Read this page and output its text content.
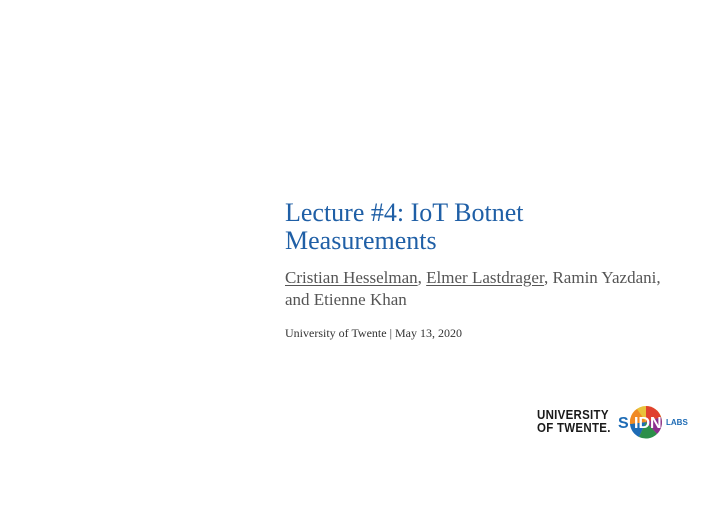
Lecture #4: IoT Botnet Measurements
Cristian Hesselman, Elmer Lastdrager, Ramin Yazdani, and Etienne Khan
University of Twente | May 13, 2020
UNIVERSITY
OF TWENTE. S IDN LABS
